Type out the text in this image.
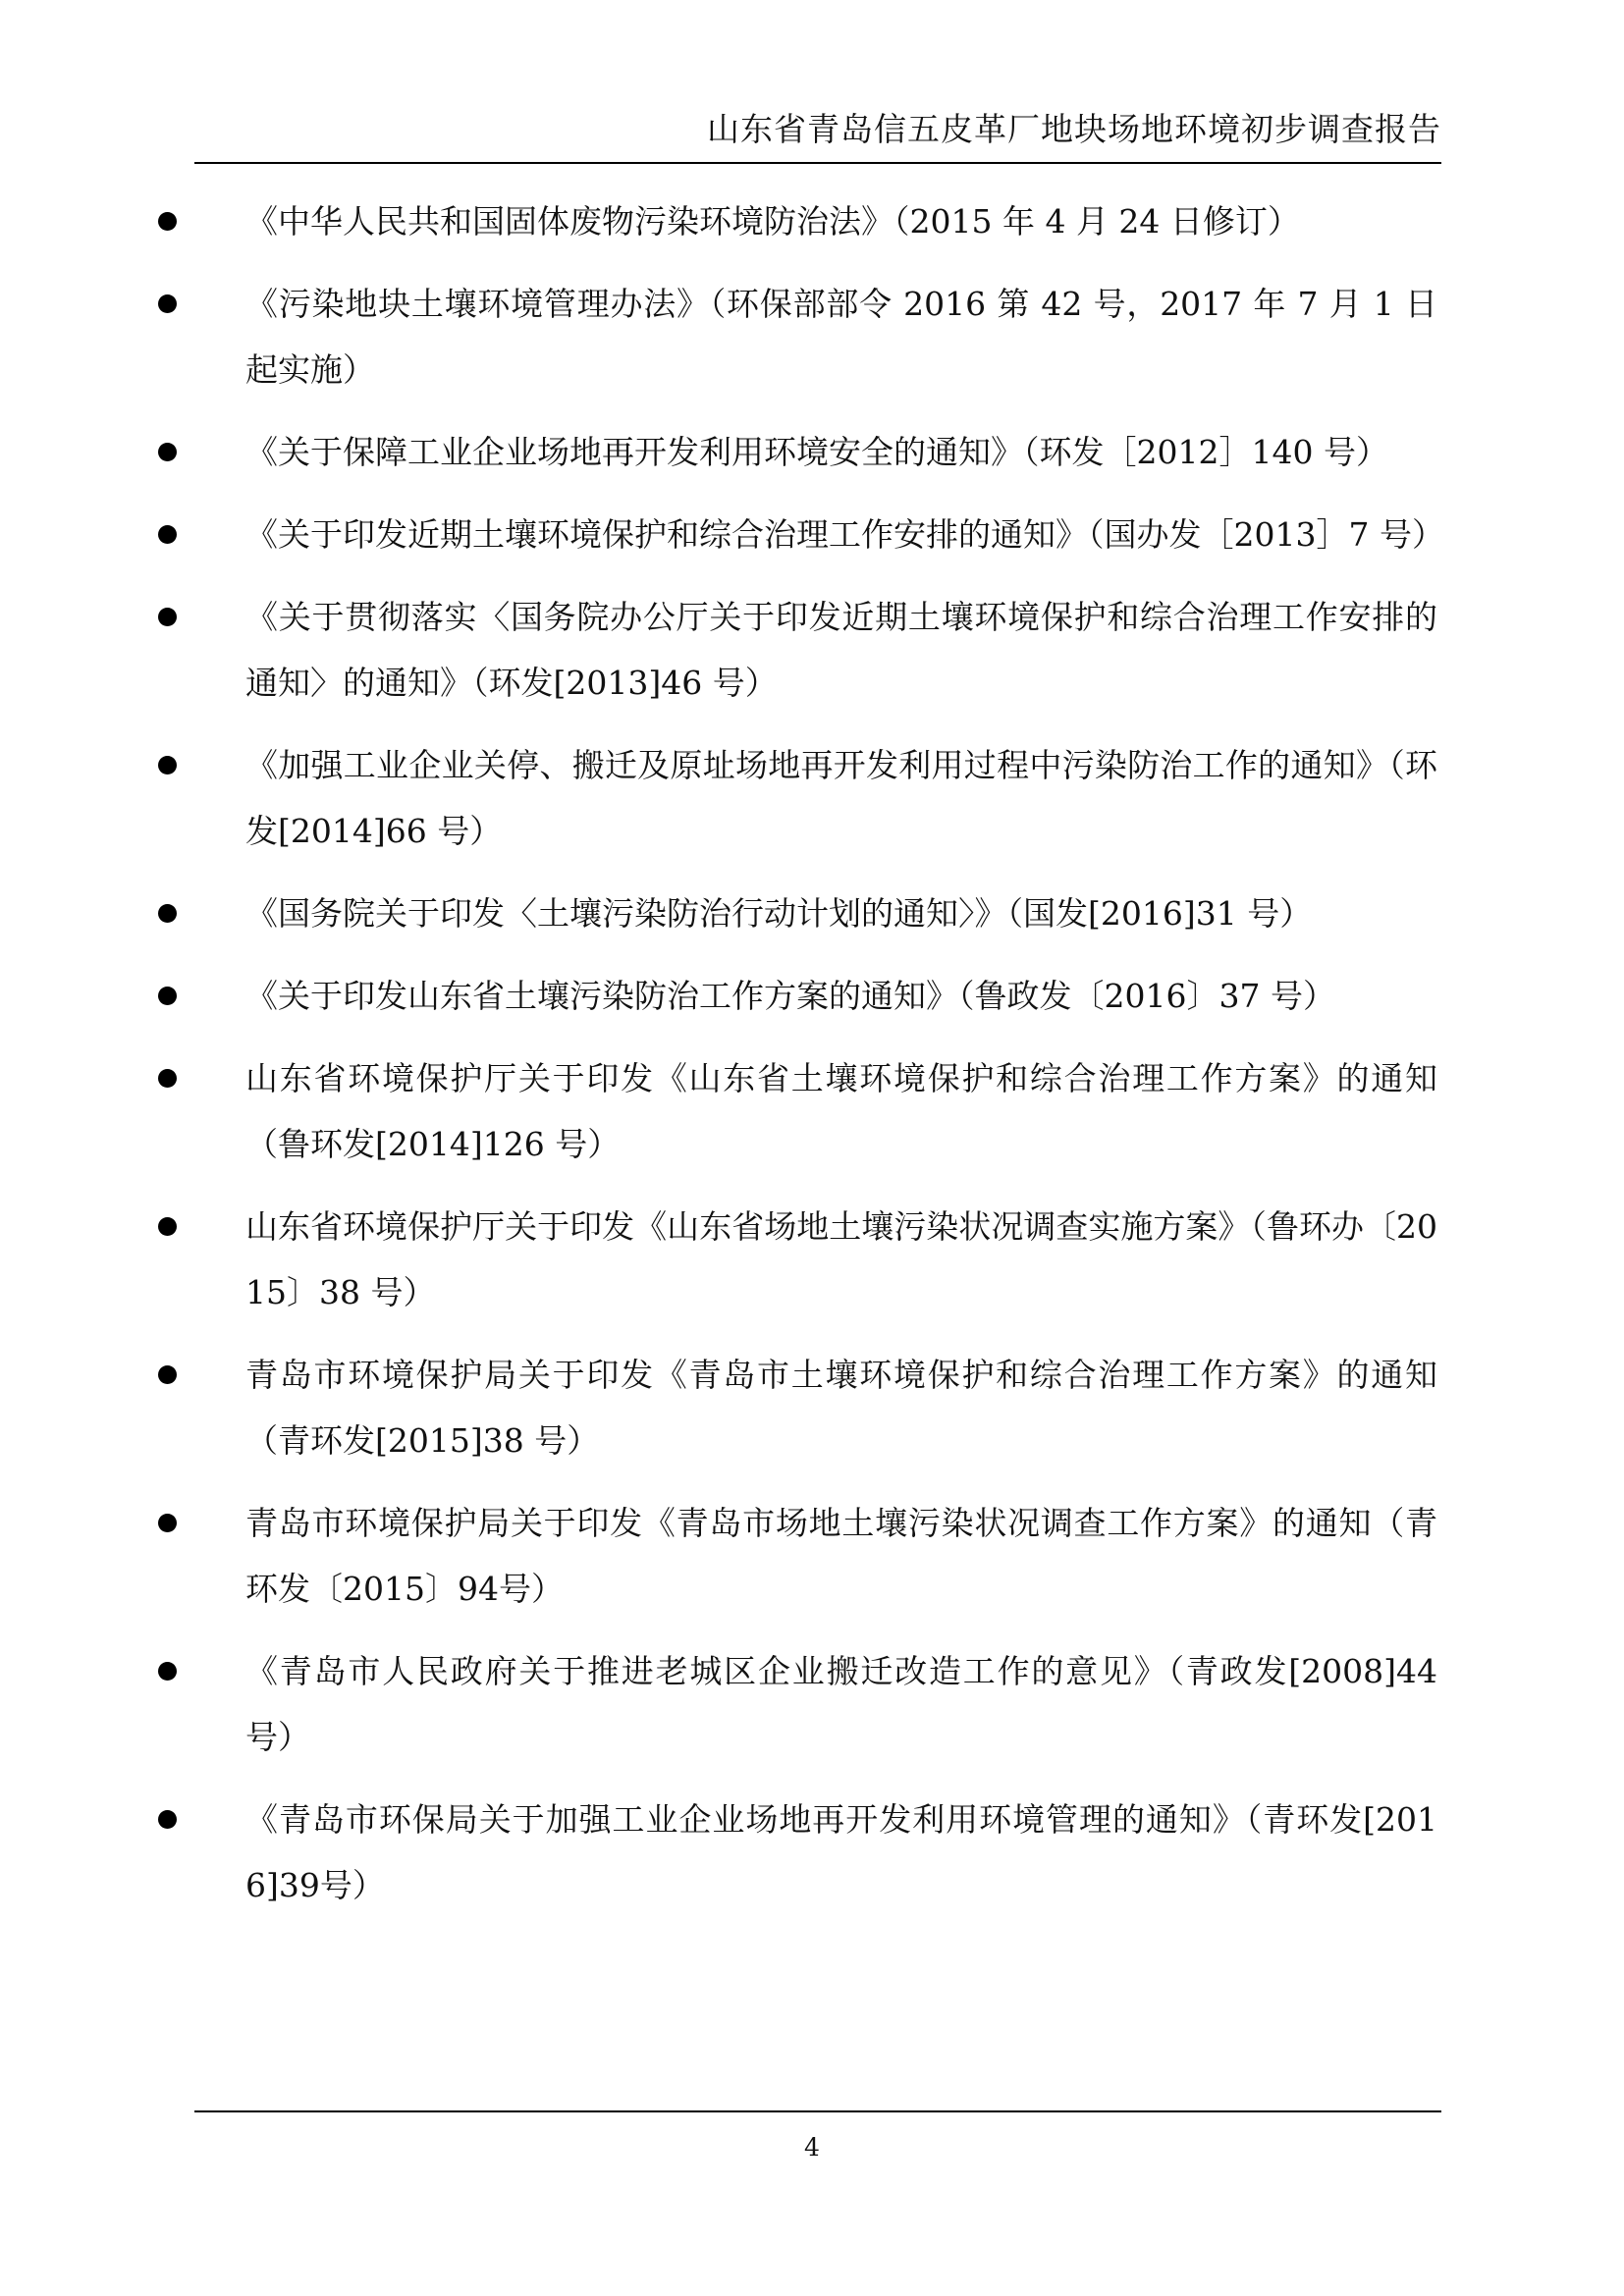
山东省青岛信五皮革厂地块场地环境初步调查报告
《中华人民共和国固体废物污染环境防治法》（2015 年 4 月 24 日修订）
《污染地块土壤环境管理办法》（环保部部令 2016 第 42 号，2017 年 7 月 1 日起实施）
《关于保障工业企业场地再开发利用环境安全的通知》（环发［2012］140 号）
《关于印发近期土壤环境保护和综合治理工作安排的通知》（国办发［2013］7 号）
《关于贯彻落实〈国务院办公厅关于印发近期土壤环境保护和综合治理工作安排的通知〉的通知》（环发[2013]46 号）
《加强工业企业关停、搬迁及原址场地再开发利用过程中污染防治工作的通知》（环发[2014]66 号）
《国务院关于印发〈土壤污染防治行动计划的通知〉》（国发[2016]31 号）
《关于印发山东省土壤污染防治工作方案的通知》（鲁政发〔2016〕37 号）
山东省环境保护厅关于印发《山东省土壤环境保护和综合治理工作方案》的通知（鲁环发[2014]126 号）
山东省环境保护厅关于印发《山东省场地土壤污染状况调查实施方案》（鲁环办〔2015〕38 号）
青岛市环境保护局关于印发《青岛市土壤环境保护和综合治理工作方案》的通知（青环发[2015]38 号）
青岛市环境保护局关于印发《青岛市场地土壤污染状况调查工作方案》的通知（青环发〔2015〕94号）
《青岛市人民政府关于推进老城区企业搬迁改造工作的意见》（青政发[2008]44 号）
《青岛市环保局关于加强工业企业场地再开发利用环境管理的通知》（青环发[2016]39号）
4
